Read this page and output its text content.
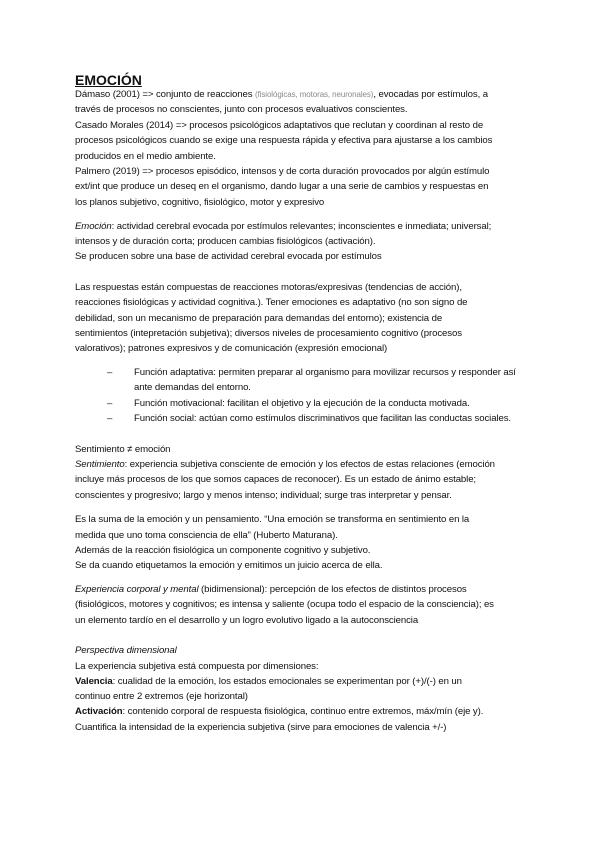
EMOCIÓN
Dámaso (2001) => conjunto de reacciones (fisiológicas, motoras, neuronales), evocadas por estímulos, a
través de procesos no conscientes, junto con procesos evaluativos conscientes.
Casado Morales (2014) => procesos psicológicos adaptativos que reclutan y coordinan al resto de
procesos psicológicos cuando se exige una respuesta rápida y efectiva para ajustarse a los cambios
producidos en el medio ambiente.
Palmero (2019) => procesos episódico, intensos y de corta duración provocados por algún estímulo
ext/int que produce un deseq en el organismo, dando lugar a una serie de cambios y respuestas en
los planos subjetivo, cognitivo, fisiológico, motor y expresivo
Emoción: actividad cerebral evocada por estímulos relevantes; inconscientes e inmediata; universal;
intensos y de duración corta; producen cambias fisiológicos (activación).
Se producen sobre una base de actividad cerebral evocada por estímulos
Las respuestas están compuestas de reacciones motoras/expresivas (tendencias de acción),
reacciones fisiológicas y actividad cognitiva.). Tener emociones es adaptativo (no son signo de
debilidad, son un mecanismo de preparación para demandas del entorno); existencia de
sentimientos (intepretación subjetiva); diversos niveles de procesamiento cognitivo (procesos
valorativos); patrones expresivos y de comunicación (expresión emocional)
– Función adaptativa: permiten preparar al organismo para movilizar recursos y responder así
ante demandas del entorno.
– Función motivacional: facilitan el objetivo y la ejecución de la conducta motivada.
– Función social: actúan como estímulos discriminativos que facilitan las conductas sociales.
Sentimiento ≠ emoción
Sentimiento: experiencia subjetiva consciente de emoción y los efectos de estas relaciones (emoción
incluye más procesos de los que somos capaces de reconocer). Es un estado de ánimo estable;
conscientes y progresivo; largo y menos intenso; individual; surge tras interpretar y pensar.
Es la suma de la emoción y un pensamiento. “Una emoción se transforma en sentimiento en la
medida que uno toma consciencia de ella” (Huberto Maturana).
Además de la reacción fisiológica un componente cognitivo y subjetivo.
Se da cuando etiquetamos la emoción y emitimos un juicio acerca de ella.
Experiencia corporal y mental (bidimensional): percepción de los efectos de distintos procesos
(fisiológicos, motores y cognitivos; es intensa y saliente (ocupa todo el espacio de la consciencia); es
un elemento tardío en el desarrollo y un logro evolutivo ligado a la autoconsciencia
Perspectiva dimensional
La experiencia subjetiva está compuesta por dimensiones:
Valencia: cualidad de la emoción, los estados emocionales se experimentan por (+)/(-) en un
continuo entre 2 extremos (eje horizontal)
Activación: contenido corporal de respuesta fisiológica, continuo entre extremos, máx/mín (eje y).
Cuantifica la intensidad de la experiencia subjetiva (sirve para emociones de valencia +/-)
